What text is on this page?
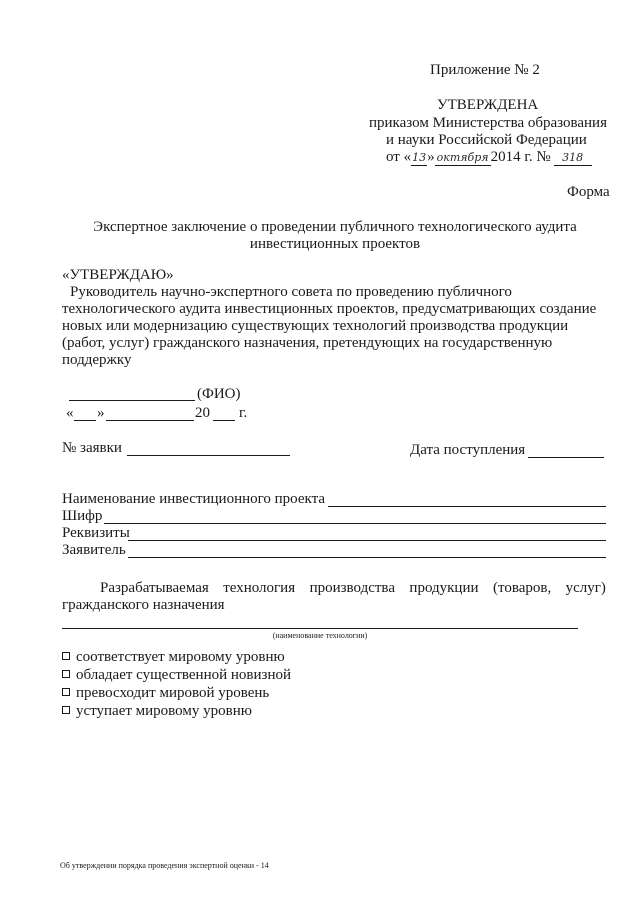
Приложение № 2
УТВЕРЖДЕНА
приказом Министерства образования
и науки Российской Федерации
от «13» октября 2014 г. № 318
Форма
Экспертное заключение о проведении публичного технологического аудита
инвестиционных проектов
«УТВЕРЖДАЮ»
Руководитель научно-экспертного совета по проведению публичного
технологического аудита инвестиционных проектов, предусматривающих создание
новых или модернизацию существующих технологий производства продукции
(работ, услуг) гражданского назначения, претендующих на государственную
поддержку
(ФИО)
« »	20 г.
№ заявки	Дата поступления
Наименование инвестиционного проекта
Шифр
Реквизиты
Заявитель
Разрабатываемая технология производства продукции (товаров, услуг)
гражданского назначения
(наименование технологии)
соответствует мировому уровню
обладает существенной новизной
превосходит мировой уровень
уступает мировому уровню
Об утверждении порядка проведения экспертной оценки - 14
